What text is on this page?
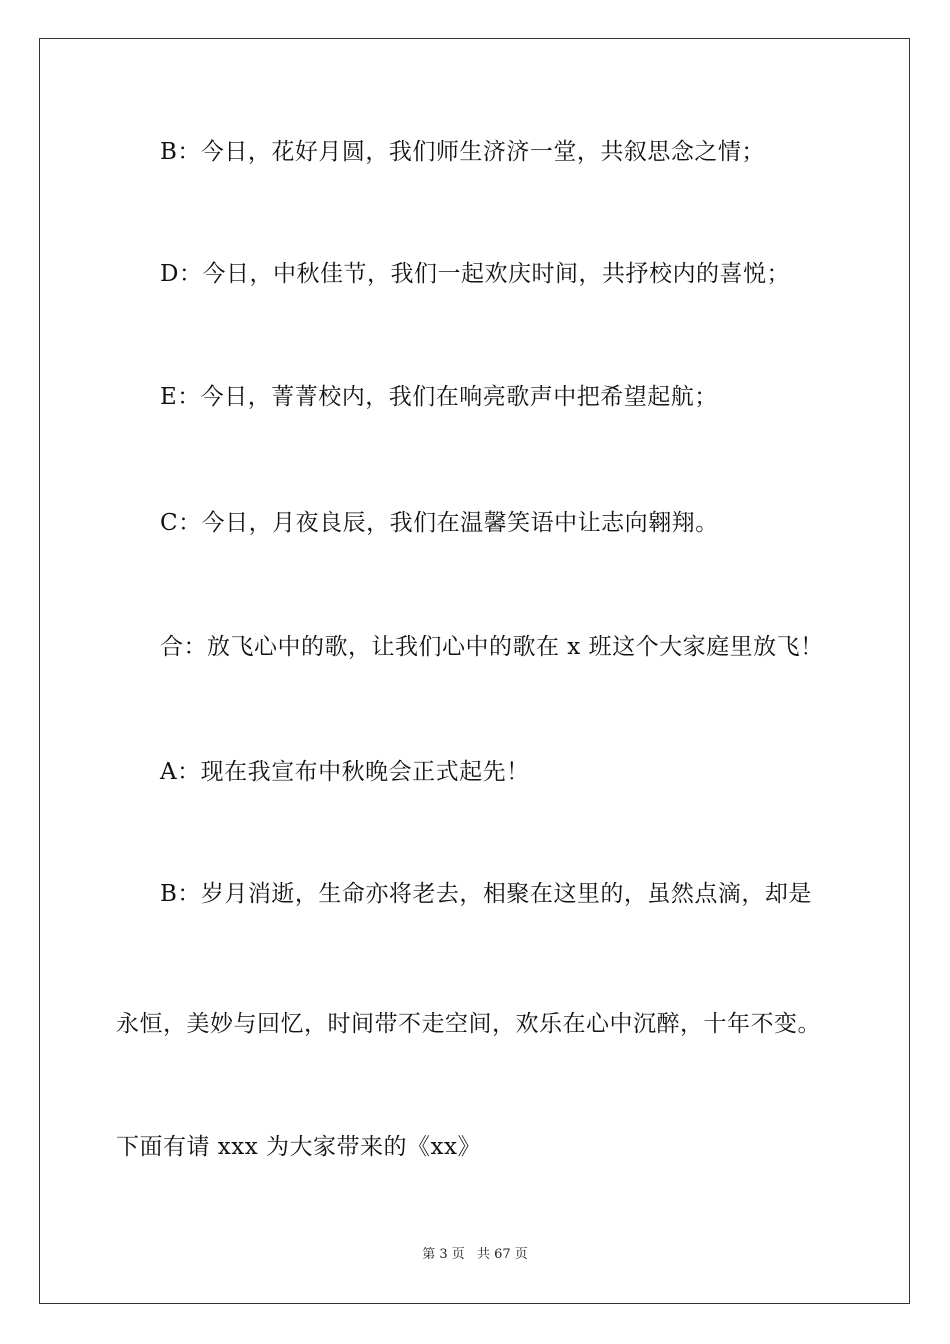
B：今日，花好月圆，我们师生济济一堂，共叙思念之情；
D：今日，中秋佳节，我们一起欢庆时间，共抒校内的喜悦；
E：今日，菁菁校内，我们在响亮歌声中把希望起航；
C：今日，月夜良辰，我们在温馨笑语中让志向翱翔。
合：放飞心中的歌，让我们心中的歌在 x 班这个大家庭里放飞！
A：现在我宣布中秋晚会正式起先！
B：岁月消逝，生命亦将老去，相聚在这里的，虽然点滴，却是
永恒，美妙与回忆，时间带不走空间，欢乐在心中沉醉，十年不变。
下面有请 xxx 为大家带来的《xx》
第 3 页 共 67 页
